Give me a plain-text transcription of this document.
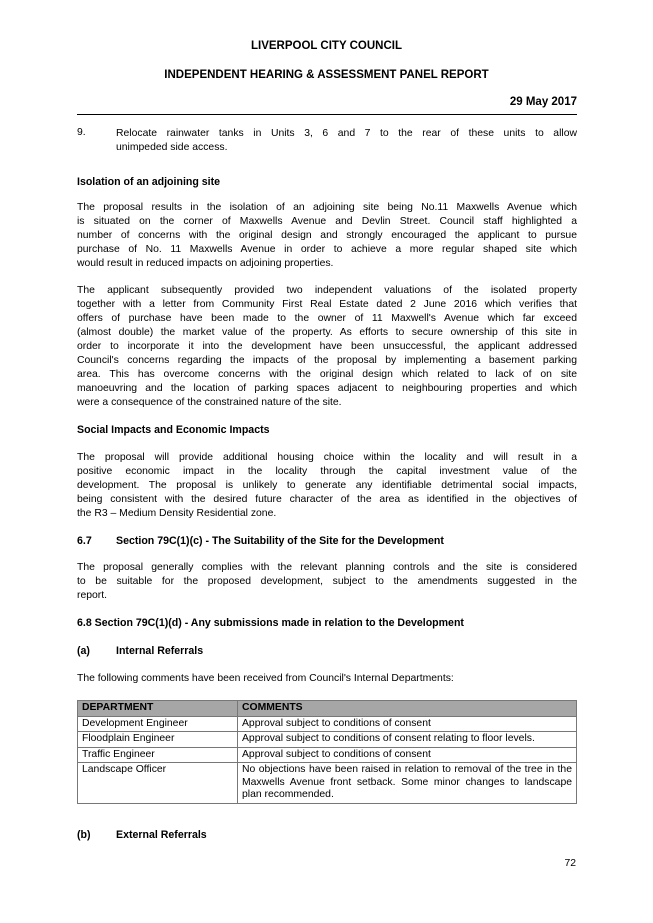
LIVERPOOL CITY COUNCIL
INDEPENDENT HEARING & ASSESSMENT PANEL REPORT
29 May 2017
9.	Relocate rainwater tanks in Units 3, 6 and 7 to the rear of these units to allow
unimpeded side access.
Isolation of an adjoining site
The proposal results in the isolation of an adjoining site being No.11 Maxwells Avenue which
is situated on the corner of Maxwells Avenue and Devlin Street. Council staff highlighted a
number of concerns with the original design and strongly encouraged the applicant to pursue
purchase of No. 11 Maxwells Avenue in order to achieve a more regular shaped site which
would result in reduced impacts on adjoining properties.
The applicant subsequently provided two independent valuations of the isolated property
together with a letter from Community First Real Estate dated 2 June 2016 which verifies that
offers of purchase have been made to the owner of 11 Maxwell's Avenue which far exceed
(almost double) the market value of the property. As efforts to secure ownership of this site in
order to incorporate it into the development have been unsuccessful, the applicant addressed
Council's concerns regarding the impacts of the proposal by implementing a basement parking
area. This has overcome concerns with the original design which related to lack of on site
manoeuvring and the location of parking spaces adjacent to neighbouring properties and which
were a consequence of the constrained nature of the site.
Social Impacts and Economic Impacts
The proposal will provide additional housing choice within the locality and will result in a
positive economic impact in the locality through the capital investment value of the
development. The proposal is unlikely to generate any identifiable detrimental social impacts,
being consistent with the desired future character of the area as identified in the objectives of
the R3 – Medium Density Residential zone.
6.7 Section 79C(1)(c) - The Suitability of the Site for the Development
The proposal generally complies with the relevant planning controls and the site is considered
to be suitable for the proposed development, subject to the amendments suggested in the
report.
6.8 Section 79C(1)(d) - Any submissions made in relation to the Development
(a) Internal Referrals
The following comments have been received from Council's Internal Departments:
DEPARTMENT	COMMENTS
Development Engineer	Approval subject to conditions of consent
Floodplain Engineer	Approval subject to conditions of consent relating to floor levels.
Traffic Engineer	Approval subject to conditions of consent
Landscape Officer	No objections have been raised in relation to removal of the tree in the Maxwells Avenue front setback. Some minor changes to landscape plan recommended.
(b) External Referrals
72
